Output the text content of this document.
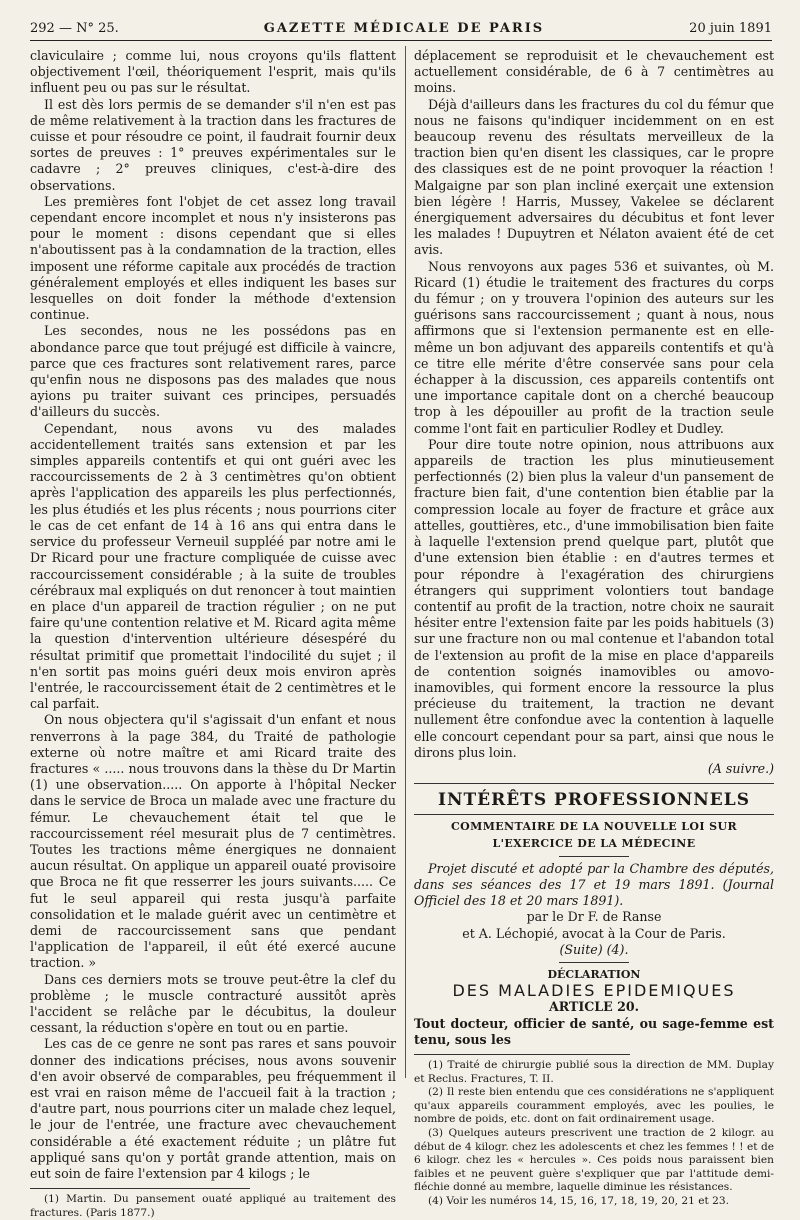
292 — N° 25.	GAZETTE MÉDICALE DE PARIS	20 juin 1891

claviculaire ; comme lui, nous croyons qu'ils flattent objectivement l'œil, théoriquement l'esprit, mais qu'ils influent peu ou pas sur le résultat.

Il est dès lors permis de se demander s'il n'en est pas de même relativement à la traction dans les fractures de cuisse et pour résoudre ce point, il faudrait fournir deux sortes de preuves : 1° preuves expérimentales sur le cadavre ; 2° preuves cliniques, c'est-à-dire des observations.

Les premières font l'objet de cet assez long travail cependant encore incomplet et nous n'y insisterons pas pour le moment : disons cependant que si elles n'aboutissent pas à la condamnation de la traction, elles imposent une réforme capitale aux procédés de traction généralement employés et elles indiquent les bases sur lesquelles on doit fonder la méthode d'extension continue.

Les secondes, nous ne les possédons pas en abondance parce que tout préjugé est difficile à vaincre, parce que ces fractures sont relativement rares, parce qu'enfin nous ne disposons pas des malades que nous ayions pu traiter suivant ces principes, persuadés d'ailleurs du succès.

Cependant, nous avons vu des malades accidentellement traités sans extension et par les simples appareils contentifs et qui ont guéri avec les raccourcissements de 2 à 3 centimètres qu'on obtient après l'application des appareils les plus perfectionnés, les plus étudiés et les plus récents ; nous pourrions citer le cas de cet enfant de 14 à 16 ans qui entra dans le service du professeur Verneuil suppléé par notre ami le Dr Ricard pour une fracture compliquée de cuisse avec raccourcissement considérable ; à la suite de troubles cérébraux mal expliqués on dut renoncer à tout maintien en place d'un appareil de traction régulier ; on ne put faire qu'une contention relative et M. Ricard agita même la question d'intervention ultérieure désespéré du résultat primitif que promettait l'indocilité du sujet ; il n'en sortit pas moins guéri deux mois environ après l'entrée, le raccourcissement était de 2 centimètres et le cal parfait.

On nous objectera qu'il s'agissait d'un enfant et nous renverrons à la page 384, du Traité de pathologie externe où notre maître et ami Ricard traite des fractures « ..... nous trouvons dans la thèse du Dr Martin (1) une observation..... On apporte à l'hôpital Necker dans le service de Broca un malade avec une fracture du fémur. Le chevauchement était tel que le raccourcissement réel mesurait plus de 7 centimètres. Toutes les tractions même énergiques ne donnaient aucun résultat. On applique un appareil ouaté provisoire que Broca ne fit que resserrer les jours suivants..... Ce fut le seul appareil qui resta jusqu'à parfaite consolidation et le malade guérit avec un centimètre et demi de raccourcissement sans que pendant l'application de l'appareil, il eût été exercé aucune traction. »

Dans ces derniers mots se trouve peut-être la clef du problème ; le muscle contracturé aussitôt après l'accident se relâche par le décubitus, la douleur cessant, la réduction s'opère en tout ou en partie.

Les cas de ce genre ne sont pas rares et sans pouvoir donner des indications précises, nous avons souvenir d'en avoir observé de comparables, peu fréquemment il est vrai en raison même de l'accueil fait à la traction ; d'autre part, nous pourrions citer un malade chez lequel, le jour de l'entrée, une fracture avec chevauchement considérable a été exactement réduite ; un plâtre fut appliqué sans qu'on y portât grande attention, mais on eut soin de faire l'extension par 4 kilogs ; le

(1) Martin. Du pansement ouaté appliqué au traitement des fractures. (Paris 1877.)

déplacement se reproduisit et le chevauchement est actuellement considérable, de 6 à 7 centimètres au moins.

Déjà d'ailleurs dans les fractures du col du fémur que nous ne faisons qu'indiquer incidemment on en est beaucoup revenu des résultats merveilleux de la traction bien qu'en disent les classiques, car le propre des classiques est de ne point provoquer la réaction ! Malgaigne par son plan incliné exerçait une extension bien légère ! Harris, Mussey, Vakelee se déclarent énergiquement adversaires du décubitus et font lever les malades ! Dupuytren et Nélaton avaient été de cet avis.

Nous renvoyons aux pages 536 et suivantes, où M. Ricard (1) étudie le traitement des fractures du corps du fémur ; on y trouvera l'opinion des auteurs sur les guérisons sans raccourcissement ; quant à nous, nous affirmons que si l'extension permanente est en elle-même un bon adjuvant des appareils contentifs et qu'à ce titre elle mérite d'être conservée sans pour cela échapper à la discussion, ces appareils contentifs ont une importance capitale dont on a cherché beaucoup trop à les dépouiller au profit de la traction seule comme l'ont fait en particulier Rodley et Dudley.

Pour dire toute notre opinion, nous attribuons aux appareils de traction les plus minutieusement perfectionnés (2) bien plus la valeur d'un pansement de fracture bien fait, d'une contention bien établie par la compression locale au foyer de fracture et grâce aux attelles, gouttières, etc., d'une immobilisation bien faite à laquelle l'extension prend quelque part, plutôt que d'une extension bien établie : en d'autres termes et pour répondre à l'exagération des chirurgiens étrangers qui suppriment volontiers tout bandage contentif au profit de la traction, notre choix ne saurait hésiter entre l'extension faite par les poids habituels (3) sur une fracture non ou mal contenue et l'abandon total de l'extension au profit de la mise en place d'appareils de contention soignés inamovibles ou amovo-inamovibles, qui forment encore la ressource la plus précieuse du traitement, la traction ne devant nullement être confondue avec la contention à laquelle elle concourt cependant pour sa part, ainsi que nous le dirons plus loin.

(A suivre.)
INTÉRÊTS PROFESSIONNELS
COMMENTAIRE DE LA NOUVELLE LOI SUR L'EXERCICE DE LA MÉDECINE

Projet discuté et adopté par la Chambre des députés, dans ses séances des 17 et 19 mars 1891. (Journal Officiel des 18 et 20 mars 1891).

par le Dr F. de Ranse
et A. Léchopié, avocat à la Cour de Paris.
(Suite) (4).
DÉCLARATION
DES MALADIES EPIDEMIQUES
ARTICLE 20.

Tout docteur, officier de santé, ou sage-femme est tenu, sous les

(1) Traité de chirurgie publié sous la direction de MM. Duplay et Reclus. Fractures, T. II.

(2) Il reste bien entendu que ces considérations ne s'appliquent qu'aux appareils couramment employés, avec les poulies, le nombre de poids, etc. dont on fait ordinairement usage.

(3) Quelques auteurs prescrivent une traction de 2 kilogr. au début de 4 kilogr. chez les adolescents et chez les femmes ! ! et de 6 kilogr. chez les « hercules ». Ces poids nous paraissent bien faibles et ne peuvent guère s'expliquer que par l'attitude demi-fléchie donné au membre, laquelle diminue les résistances.

(4) Voir les numéros 14, 15, 16, 17, 18, 19, 20, 21 et 23.
